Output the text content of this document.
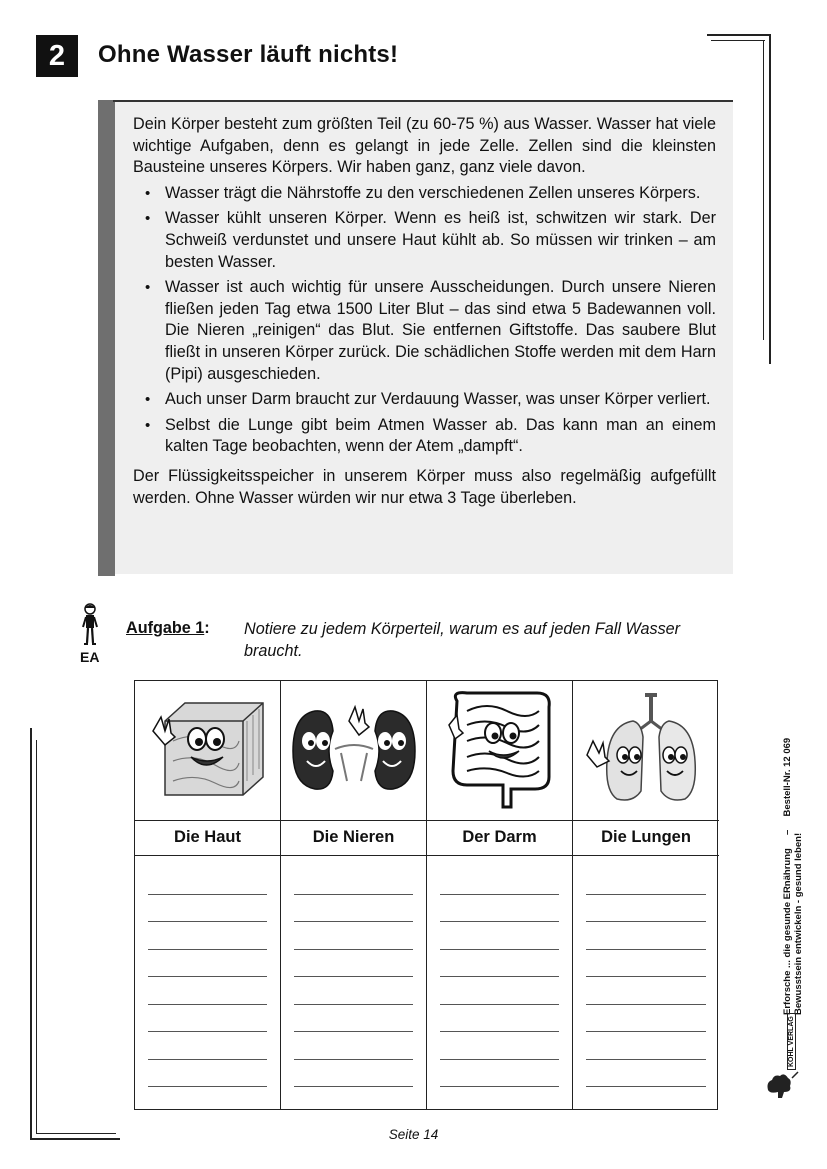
2	Ohne Wasser läuft nichts!

Dein Körper besteht zum größten Teil (zu 60-75 %) aus Wasser. Wasser hat viele wichtige Aufgaben, denn es gelangt in jede Zelle. Zellen sind die kleinsten Bausteine unseres Körpers. Wir haben ganz, ganz viele davon.

• Wasser trägt die Nährstoffe zu den verschiedenen Zellen unseres Körpers.
• Wasser kühlt unseren Körper. Wenn es heiß ist, schwitzen wir stark. Der Schweiß verdunstet und unsere Haut kühlt ab. So müssen wir trinken – am besten Wasser.
• Wasser ist auch wichtig für unsere Ausscheidungen. Durch unsere Nieren fließen jeden Tag etwa 1500 Liter Blut – das sind etwa 5 Badewannen voll. Die Nieren „reinigen“ das Blut. Sie entfernen Giftstoffe. Das saubere Blut fließt in unseren Körper zurück. Die schädlichen Stoffe werden mit dem Harn (Pipi) ausgeschieden.
• Auch unser Darm braucht zur Verdauung Wasser, was unser Körper verliert.
• Selbst die Lunge gibt beim Atmen Wasser ab. Das kann man an einem kalten Tage beobachten, wenn der Atem „dampft“.

Der Flüssigkeitsspeicher in unserem Körper muss also regelmäßig aufgefüllt werden. Ohne Wasser würden wir nur etwa 3 Tage überleben.

EA
Aufgabe 1: Notiere zu jedem Körperteil, warum es auf jeden Fall Wasser braucht.
Die Haut	Die Nieren	Der Darm	Die Lungen
Erforsche ... die gesunde ERnährung     –     Bestell-Nr. 12 069
Bewusstsein entwickeln - gesund leben!
KOHL VERLAG
Seite 14
